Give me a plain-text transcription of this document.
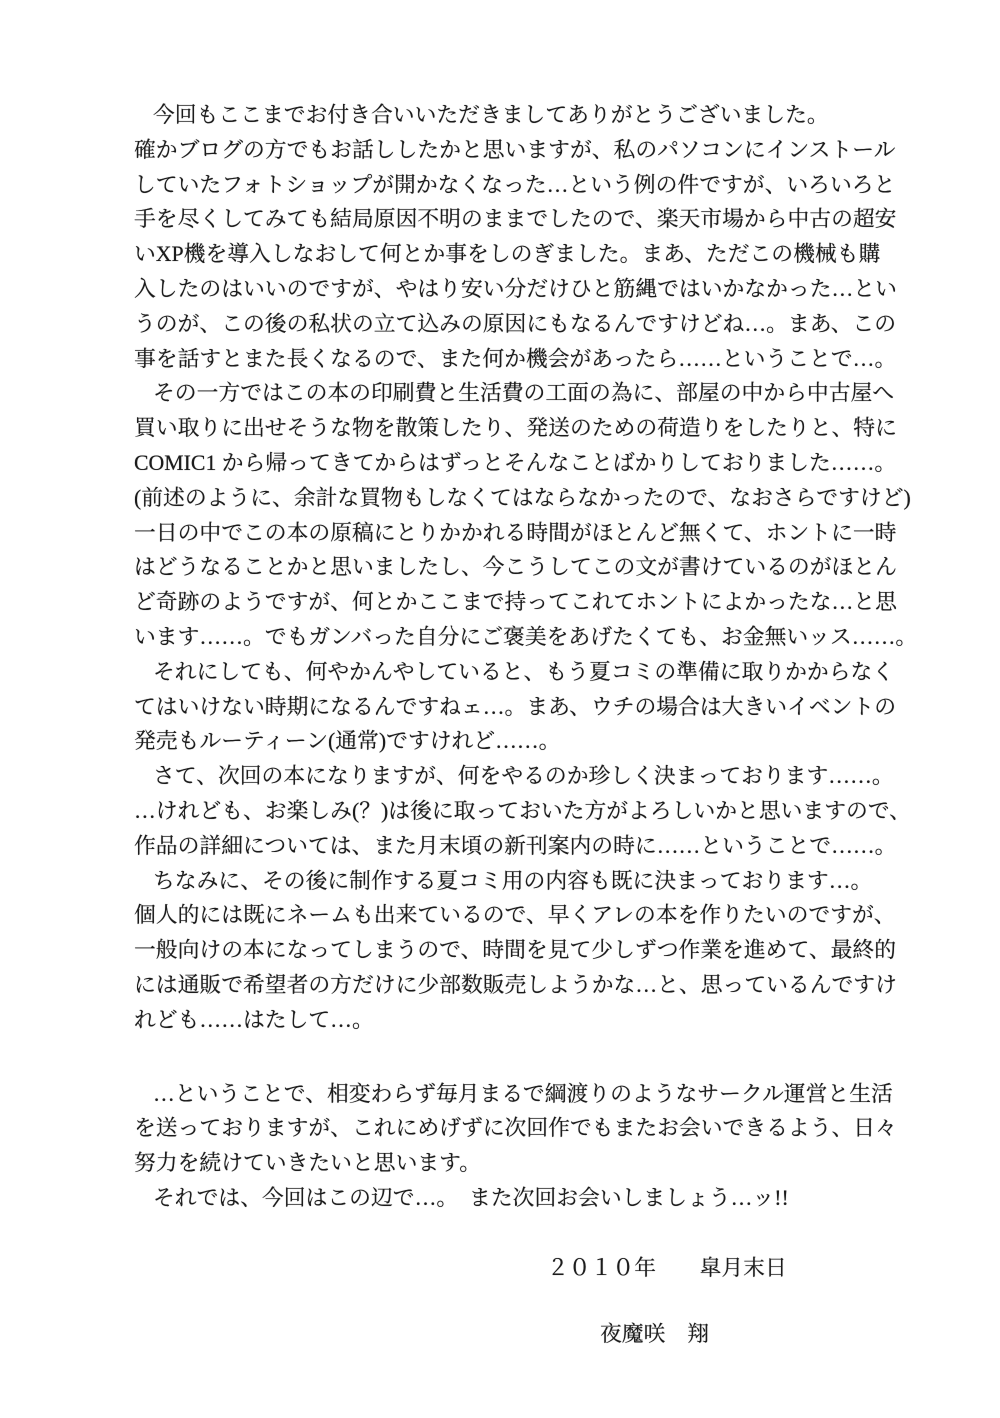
今回もここまでお付き合いいただきましてありがとうございました。
確かブログの方でもお話ししたかと思いますが、私のパソコンにインストール
していたフォトショップが開かなくなった…という例の件ですが、いろいろと
手を尽くしてみても結局原因不明のままでしたので、楽天市場から中古の超安
いXP機を導入しなおして何とか事をしのぎました。まあ、ただこの機械も購
入したのはいいのですが、やはり安い分だけひと筋縄ではいかなかった…とい
うのが、この後の私状の立て込みの原因にもなるんですけどね…。まあ、この
事を話すとまた長くなるので、また何か機会があったら……ということで…。
その一方ではこの本の印刷費と生活費の工面の為に、部屋の中から中古屋へ
買い取りに出せそうな物を散策したり、発送のための荷造りをしたりと、特に
COMIC1 から帰ってきてからはずっとそんなことばかりしておりました……。
(前述のように、余計な買物もしなくてはならなかったので、なおさらですけど)
一日の中でこの本の原稿にとりかかれる時間がほとんど無くて、ホントに一時
はどうなることかと思いましたし、今こうしてこの文が書けているのがほとん
ど奇跡のようですが、何とかここまで持ってこれてホントによかったな…と思
います……。でもガンバった自分にご褒美をあげたくても、お金無いッス……。
それにしても、何やかんやしていると、もう夏コミの準備に取りかからなく
てはいけない時期になるんですねェ…。まあ、ウチの場合は大きいイベントの
発売もルーティーン(通常)ですけれど……。
さて、次回の本になりますが、何をやるのか珍しく決まっております……。
…けれども、お楽しみ(？)は後に取っておいた方がよろしいかと思いますので、
作品の詳細については、また月末頃の新刊案内の時に……ということで……。
ちなみに、その後に制作する夏コミ用の内容も既に決まっております…。
個人的には既にネームも出来ているので、早くアレの本を作りたいのですが、
一般向けの本になってしまうので、時間を見て少しずつ作業を進めて、最終的
には通販で希望者の方だけに少部数販売しようかな…と、思っているんですけ
れども……はたして…。
…ということで、相変わらず毎月まるで綱渡りのようなサークル運営と生活
を送っておりますが、これにめげずに次回作でもまたお会いできるよう、日々
努力を続けていきたいと思います。
それでは、今回はこの辺で…。　また次回お会いしましょう…ッ!!
２０１０年　　皐月末日
夜魔咲　翔
